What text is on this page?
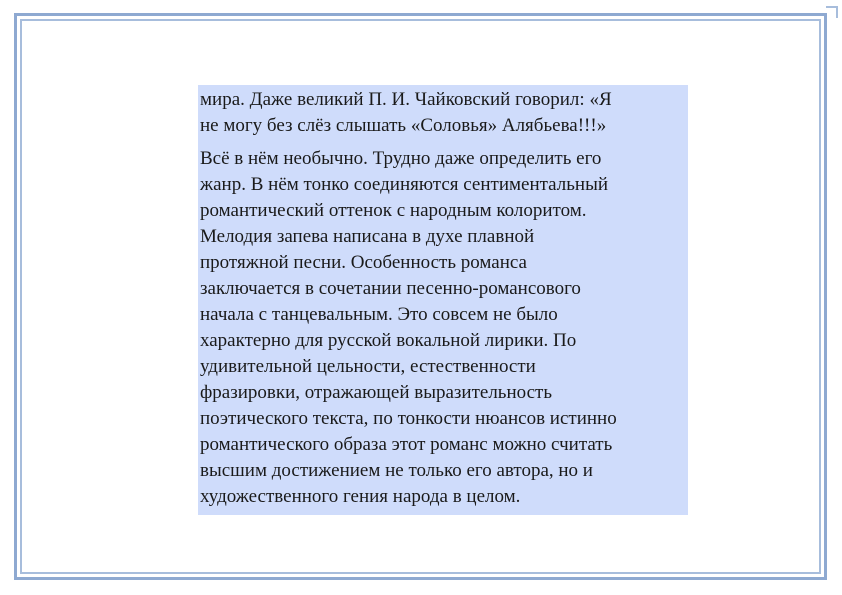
мира. Даже великий П. И. Чайковский говорил: «Я
не могу без слёз слышать «Соловья» Алябьева!!!»
Всё в нём необычно. Трудно даже определить его
жанр. В нём тонко соединяются сентиментальный
романтический оттенок с народным колоритом.
Мелодия запева написана в духе плавной
протяжной песни. Особенность романса
заключается в сочетании песенно-романсового
начала с танцевальным. Это совсем не было
характерно для русской вокальной лирики. По
удивительной цельности, естественности
фразировки, отражающей выразительность
поэтического текста, по тонкости нюансов истинно
романтического образа этот романс можно считать
высшим достижением не только его автора, но и
художественного гения народа в целом.
